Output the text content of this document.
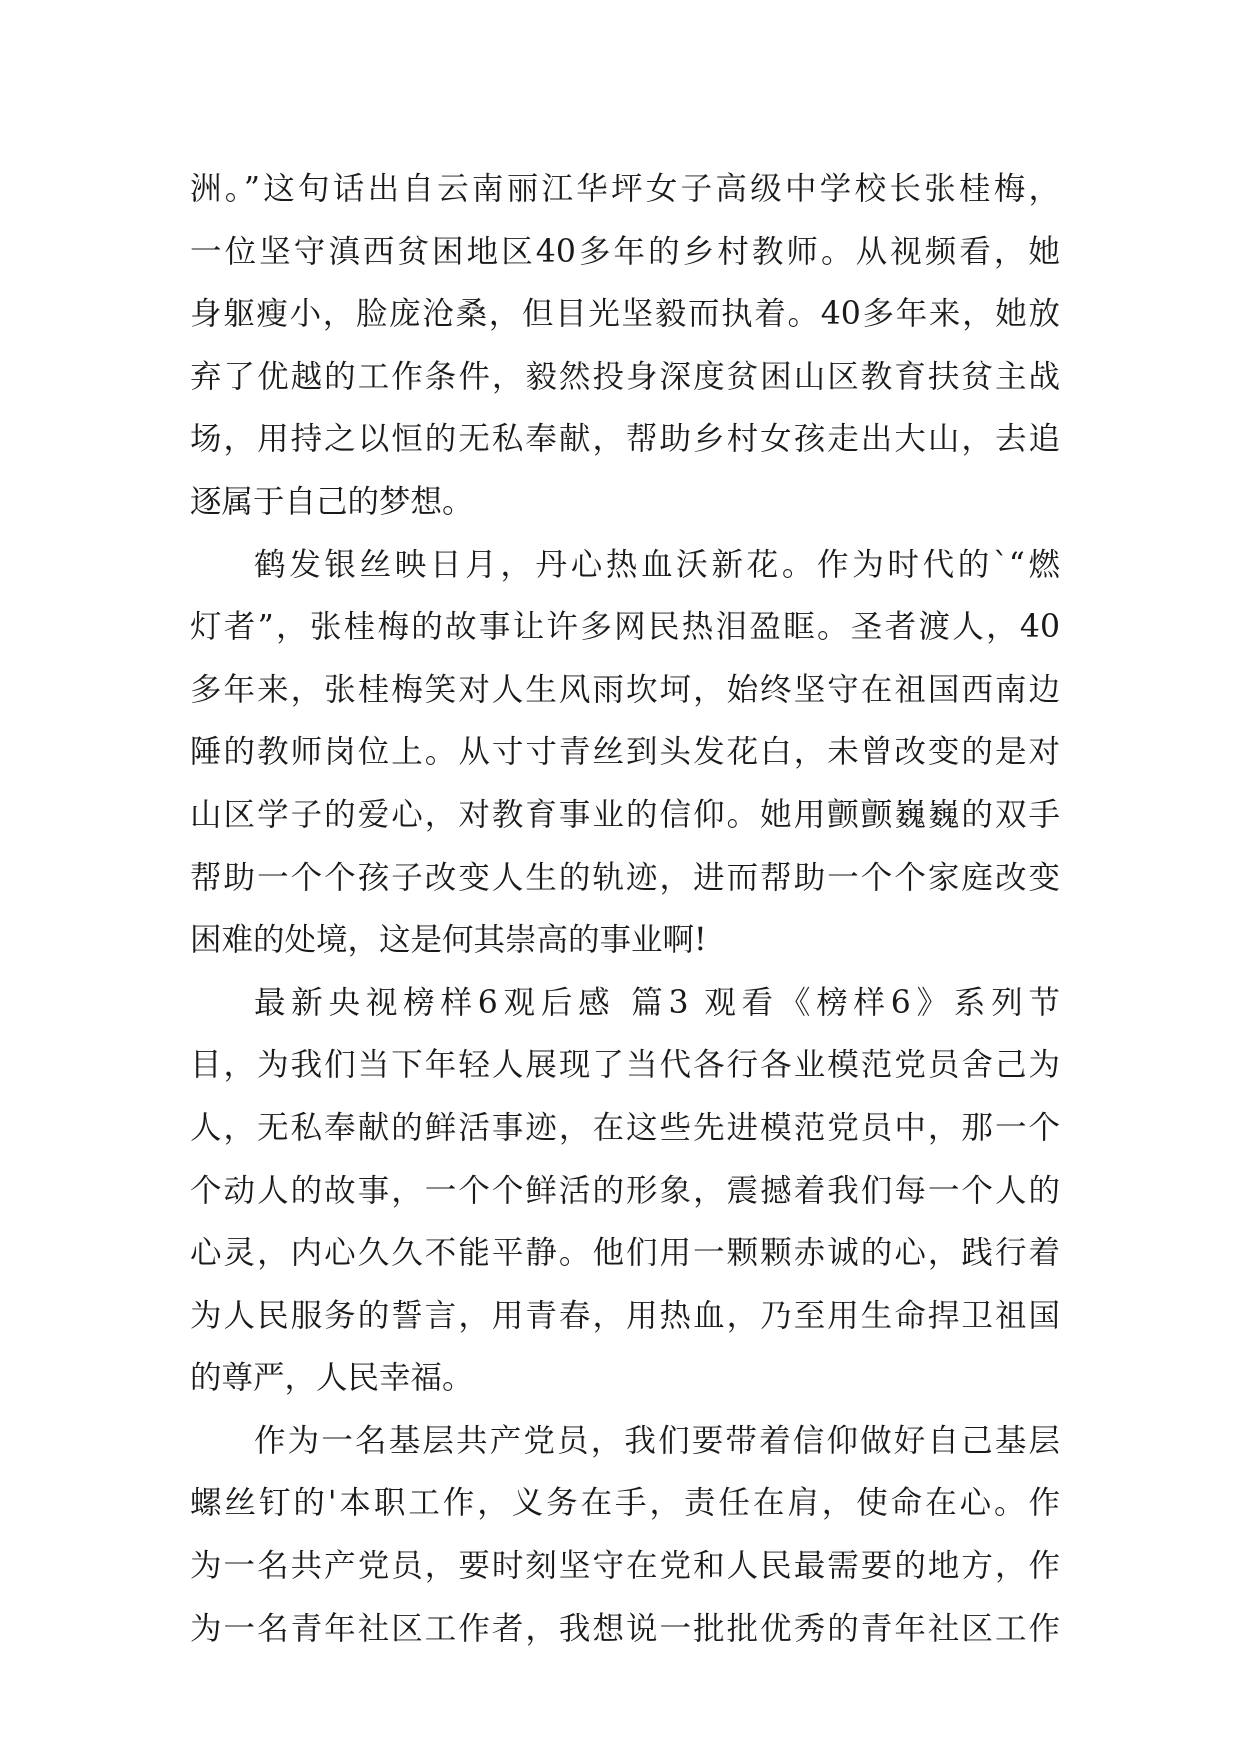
洲。”这句话出自云南丽江华坪女子高级中学校长张桂梅，
一位坚守滇西贫困地区40多年的乡村教师。从视频看，她
身躯瘦小，脸庞沧桑，但目光坚毅而执着。40多年来，她放
弃了优越的工作条件，毅然投身深度贫困山区教育扶贫主战
场，用持之以恒的无私奉献，帮助乡村女孩走出大山，去追
逐属于自己的梦想。
鹤发银丝映日月，丹心热血沃新花。作为时代的`“燃
灯者”，张桂梅的故事让许多网民热泪盈眶。圣者渡人，40
多年来，张桂梅笑对人生风雨坎坷，始终坚守在祖国西南边
陲的教师岗位上。从寸寸青丝到头发花白，未曾改变的是对
山区学子的爱心，对教育事业的信仰。她用颤颤巍巍的双手
帮助一个个孩子改变人生的轨迹，进而帮助一个个家庭改变
困难的处境，这是何其崇高的事业啊!
最新央视榜样6观后感 篇3 观看《榜样6》系列节
目，为我们当下年轻人展现了当代各行各业模范党员舍己为
人，无私奉献的鲜活事迹，在这些先进模范党员中，那一个
个动人的故事，一个个鲜活的形象，震撼着我们每一个人的
心灵，内心久久不能平静。他们用一颗颗赤诚的心，践行着
为人民服务的誓言，用青春，用热血，乃至用生命捍卫祖国
的尊严，人民幸福。
作为一名基层共产党员，我们要带着信仰做好自己基层
螺丝钉的'本职工作，义务在手，责任在肩，使命在心。作
为一名共产党员，要时刻坚守在党和人民最需要的地方，作
为一名青年社区工作者，我想说一批批优秀的青年社区工作
